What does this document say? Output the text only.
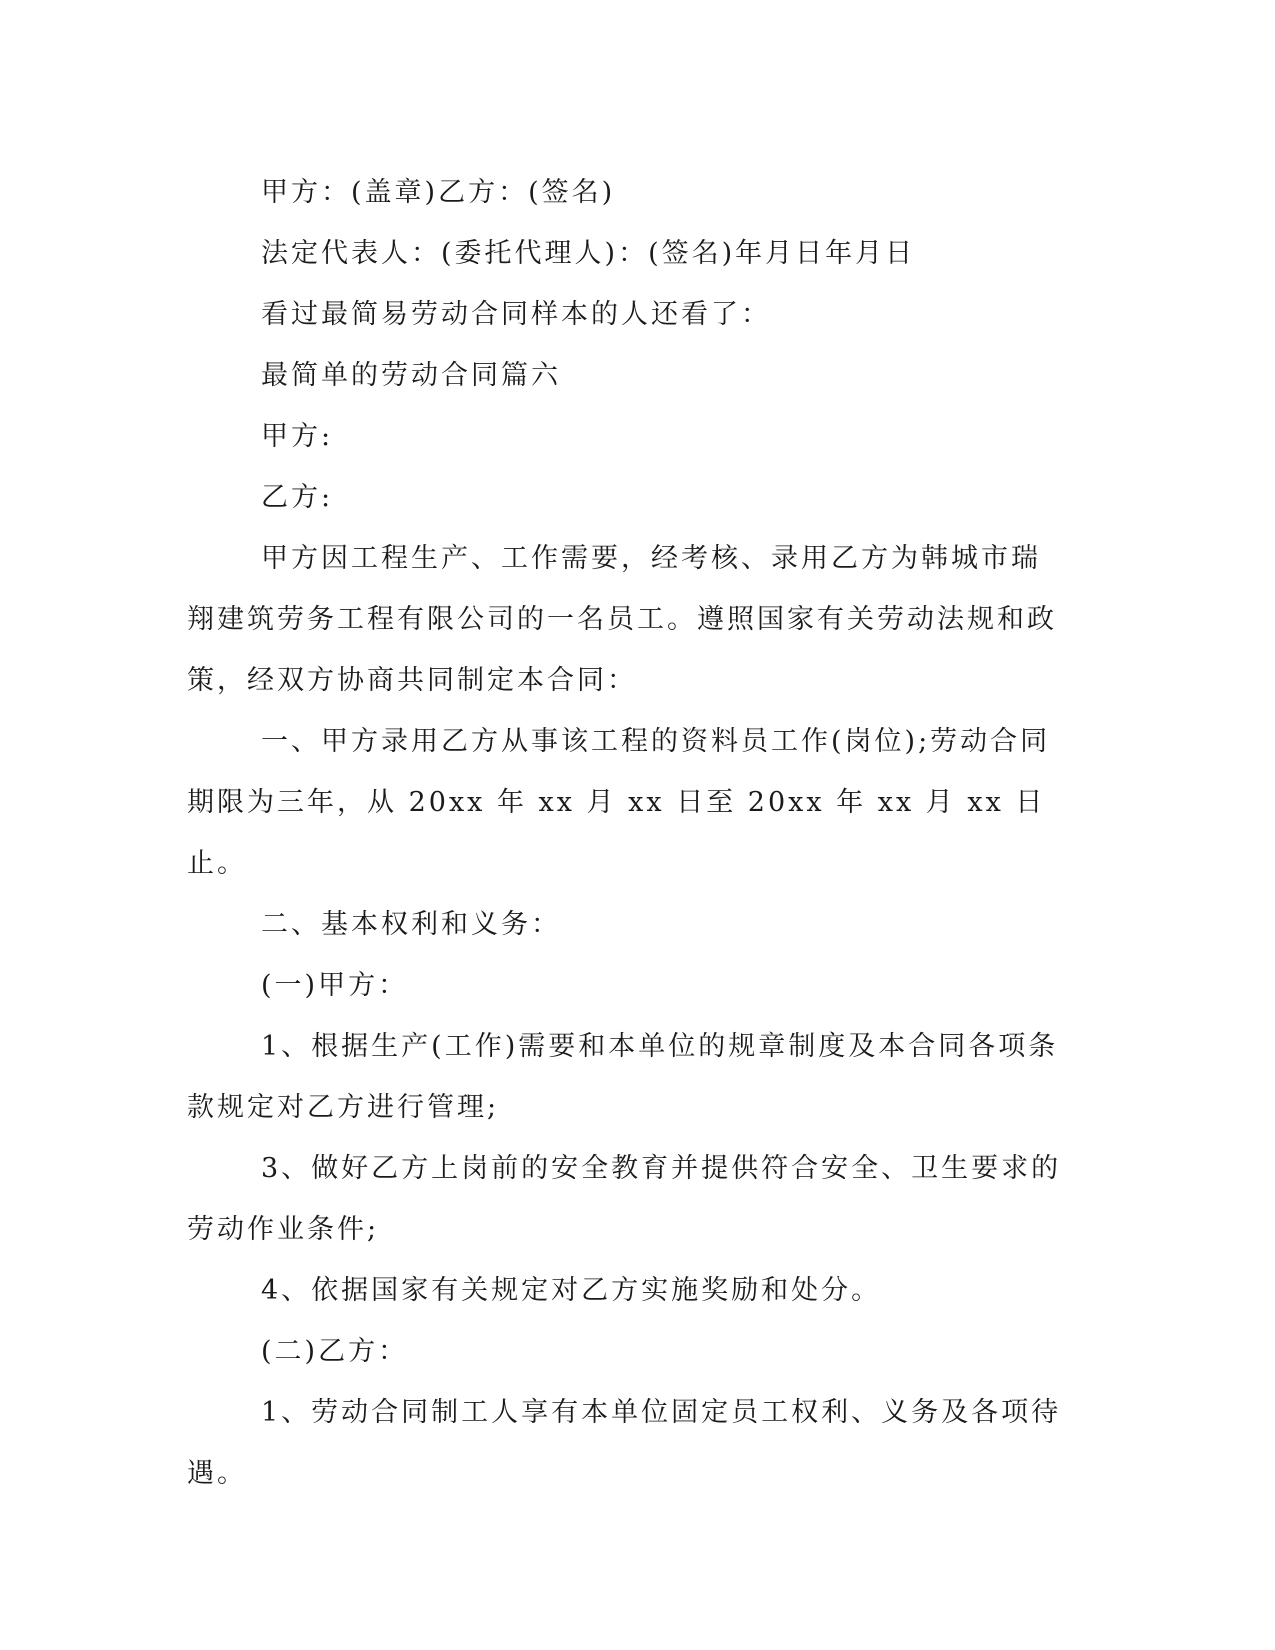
甲方：(盖章)乙方：(签名)

法定代表人：(委托代理人)：(签名)年月日年月日

看过最简易劳动合同样本的人还看了：

最简单的劳动合同篇六

甲方:

乙方:

甲方因工程生产、工作需要，经考核、录用乙方为韩城市瑞翔建筑劳务工程有限公司的一名员工。遵照国家有关劳动法规和政策，经双方协商共同制定本合同：

一、甲方录用乙方从事该工程的资料员工作(岗位);劳动合同期限为三年，从 20xx 年 xx 月 xx 日至 20xx 年 xx 月 xx 日止。

二、基本权利和义务：

(一)甲方：

1、根据生产(工作)需要和本单位的规章制度及本合同各项条款规定对乙方进行管理;

3、做好乙方上岗前的安全教育并提供符合安全、卫生要求的劳动作业条件;

4、依据国家有关规定对乙方实施奖励和处分。

(二)乙方：

1、劳动合同制工人享有本单位固定员工权利、义务及各项待遇。
